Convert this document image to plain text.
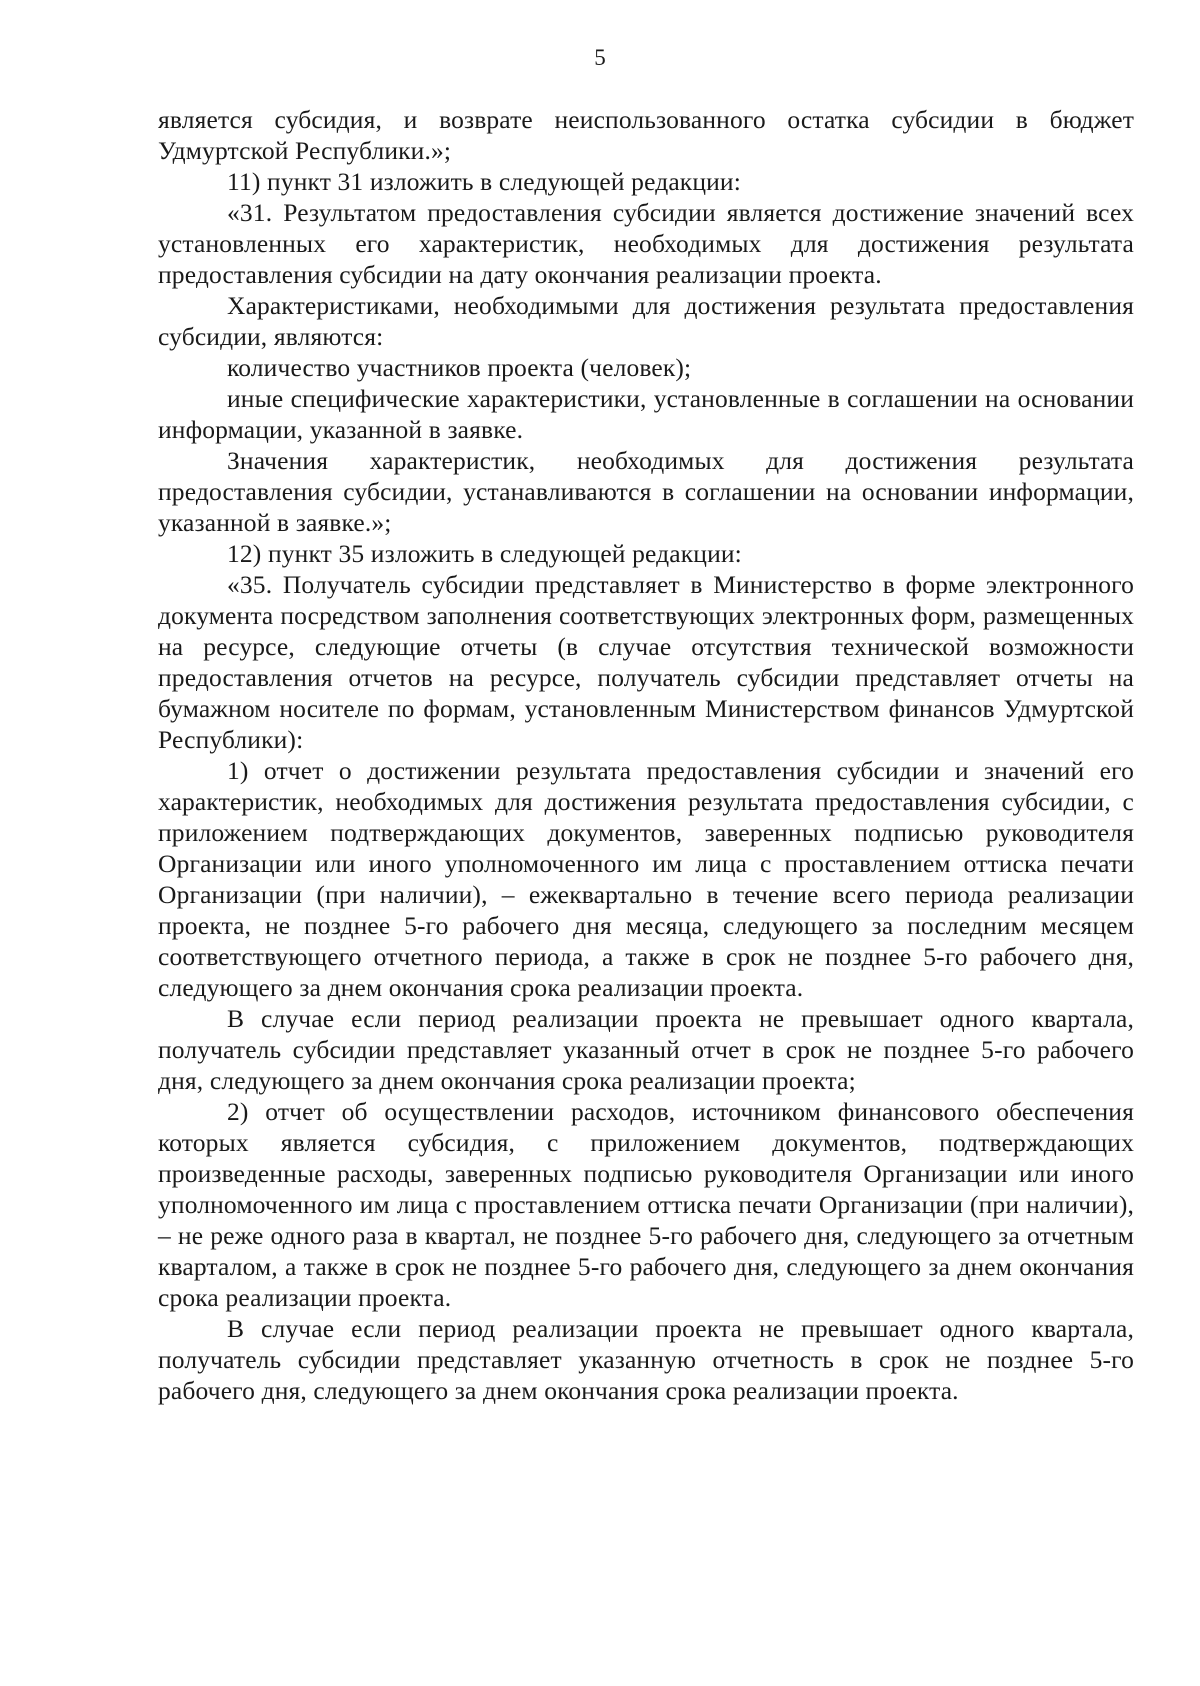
5

является субсидия, и возврате неиспользованного остатка субсидии в бюджет Удмуртской Республики.»;

11) пункт 31 изложить в следующей редакции:

«31. Результатом предоставления субсидии является достижение значений всех установленных его характеристик, необходимых для достижения результата предоставления субсидии на дату окончания реализации проекта.

Характеристиками, необходимыми для достижения результата предоставления субсидии, являются:

количество участников проекта (человек);

иные специфические характеристики, установленные в соглашении на основании информации, указанной в заявке.

Значения характеристик, необходимых для достижения результата предоставления субсидии, устанавливаются в соглашении на основании информации, указанной в заявке.»;

12) пункт 35 изложить в следующей редакции:

«35. Получатель субсидии представляет в Министерство в форме электронного документа посредством заполнения соответствующих электронных форм, размещенных на ресурсе, следующие отчеты (в случае отсутствия технической возможности предоставления отчетов на ресурсе, получатель субсидии представляет отчеты на бумажном носителе по формам, установленным Министерством финансов Удмуртской Республики):

1) отчет о достижении результата предоставления субсидии и значений его характеристик, необходимых для достижения результата предоставления субсидии, с приложением подтверждающих документов, заверенных подписью руководителя Организации или иного уполномоченного им лица с проставлением оттиска печати Организации (при наличии), – ежеквартально в течение всего периода реализации проекта, не позднее 5-го рабочего дня месяца, следующего за последним месяцем соответствующего отчетного периода, а также в срок не позднее 5-го рабочего дня, следующего за днем окончания срока реализации проекта.

В случае если период реализации проекта не превышает одного квартала, получатель субсидии представляет указанный отчет в срок не позднее 5-го рабочего дня, следующего за днем окончания срока реализации проекта;

2) отчет об осуществлении расходов, источником финансового обеспечения которых является субсидия, с приложением документов, подтверждающих произведенные расходы, заверенных подписью руководителя Организации или иного уполномоченного им лица с проставлением оттиска печати Организации (при наличии), – не реже одного раза в квартал, не позднее 5-го рабочего дня, следующего за отчетным кварталом, а также в срок не позднее 5-го рабочего дня, следующего за днем окончания срока реализации проекта.

В случае если период реализации проекта не превышает одного квартала, получатель субсидии представляет указанную отчетность в срок не позднее 5-го рабочего дня, следующего за днем окончания срока реализации проекта.
